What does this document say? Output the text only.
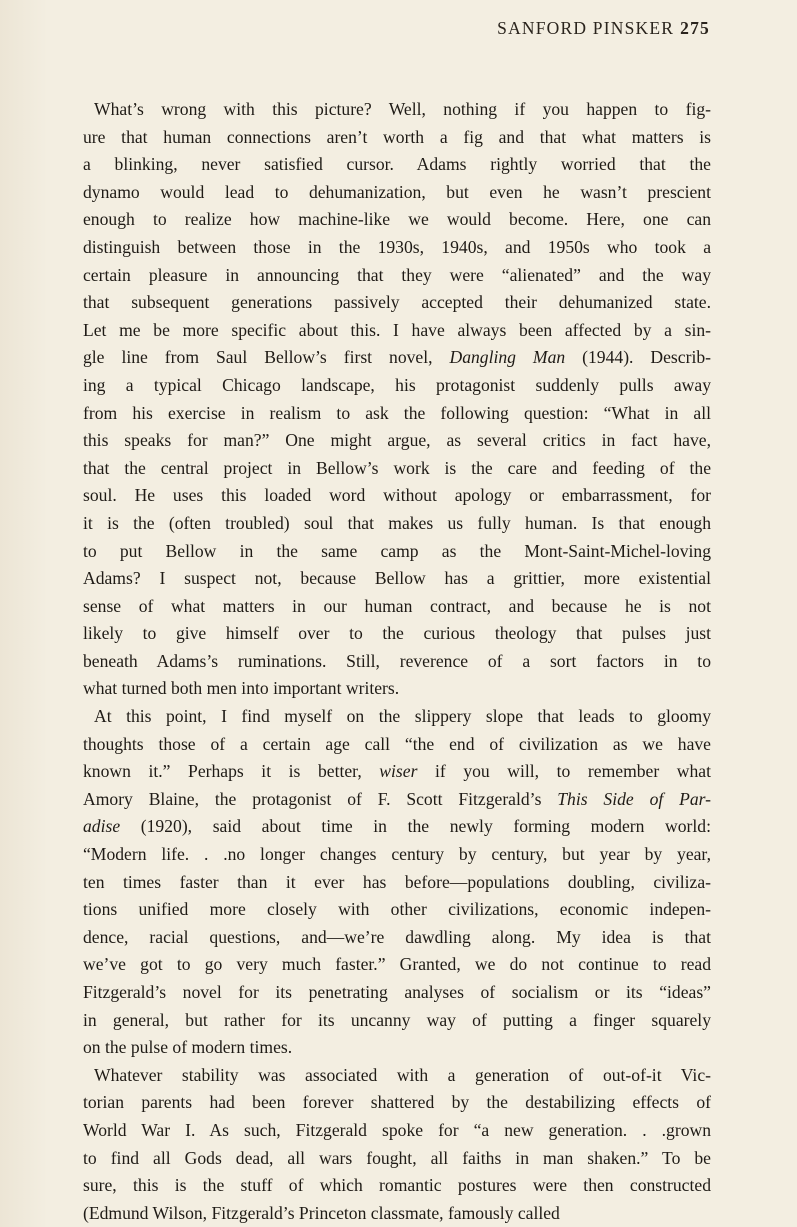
SANFORD PINSKER 275
What’s wrong with this picture? Well, nothing if you happen to fig-
ure that human connections aren’t worth a fig and that what matters is
a blinking, never satisfied cursor. Adams rightly worried that the
dynamo would lead to dehumanization, but even he wasn’t prescient
enough to realize how machine-like we would become. Here, one can
distinguish between those in the 1930s, 1940s, and 1950s who took a
certain pleasure in announcing that they were “alienated” and the way
that subsequent generations passively accepted their dehumanized state.
Let me be more specific about this. I have always been affected by a sin-
gle line from Saul Bellow’s first novel, Dangling Man (1944). Describ-
ing a typical Chicago landscape, his protagonist suddenly pulls away
from his exercise in realism to ask the following question: “What in all
this speaks for man?” One might argue, as several critics in fact have,
that the central project in Bellow’s work is the care and feeding of the
soul. He uses this loaded word without apology or embarrassment, for
it is the (often troubled) soul that makes us fully human. Is that enough
to put Bellow in the same camp as the Mont-Saint-Michel-loving
Adams? I suspect not, because Bellow has a grittier, more existential
sense of what matters in our human contract, and because he is not
likely to give himself over to the curious theology that pulses just
beneath Adams’s ruminations. Still, reverence of a sort factors in to
what turned both men into important writers.
At this point, I find myself on the slippery slope that leads to gloomy
thoughts those of a certain age call “the end of civilization as we have
known it.” Perhaps it is better, wiser if you will, to remember what
Amory Blaine, the protagonist of F. Scott Fitzgerald’s This Side of Par-
adise (1920), said about time in the newly forming modern world:
“Modern life. . .no longer changes century by century, but year by year,
ten times faster than it ever has before—populations doubling, civiliza-
tions unified more closely with other civilizations, economic indepen-
dence, racial questions, and—we’re dawdling along. My idea is that
we’ve got to go very much faster.” Granted, we do not continue to read
Fitzgerald’s novel for its penetrating analyses of socialism or its “ideas”
in general, but rather for its uncanny way of putting a finger squarely
on the pulse of modern times.
Whatever stability was associated with a generation of out-of-it Vic-
torian parents had been forever shattered by the destabilizing effects of
World War I. As such, Fitzgerald spoke for “a new generation. . .grown
to find all Gods dead, all wars fought, all faiths in man shaken.” To be
sure, this is the stuff of which romantic postures were then constructed
(Edmund Wilson, Fitzgerald’s Princeton classmate, famously called
